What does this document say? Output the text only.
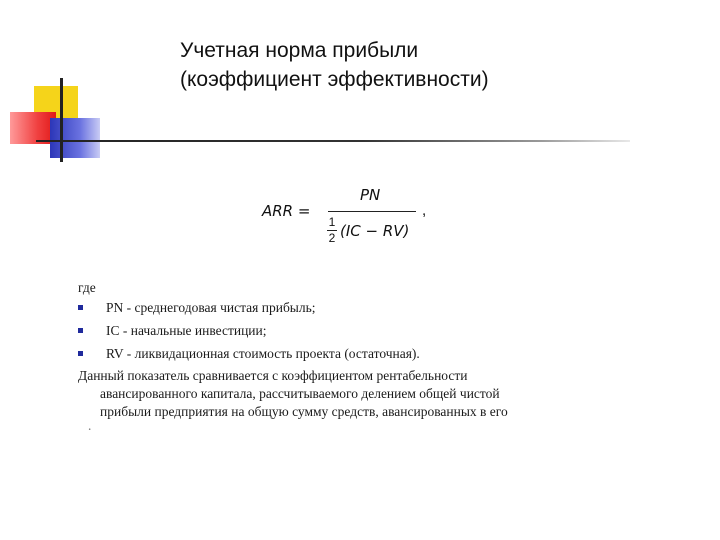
Учетная норма прибыли
(коэффициент эффективности)
ARR =
PN
1
2 (IC − RV)
,
где
PN - среднегодовая чистая прибыль;
IC - начальные инвестиции;
RV - ликвидационная стоимость проекта (остаточная).
Данный показатель сравнивается с коэффициентом рентабельности
авансированного капитала, рассчитываемого делением общей чистой
прибыли предприятия на общую сумму средств, авансированных в его
.
